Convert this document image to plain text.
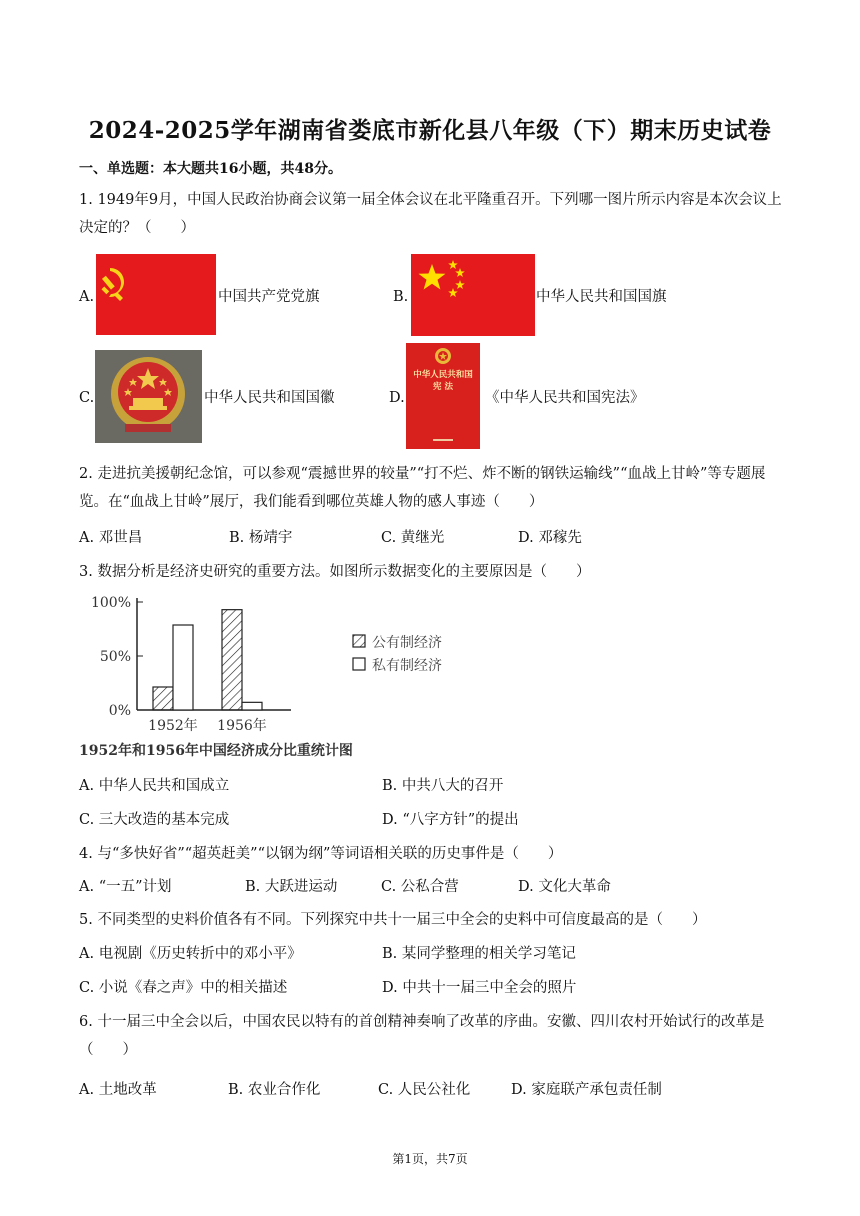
2024-2025学年湖南省娄底市新化县八年级（下）期末历史试卷
一、单选题：本大题共16小题，共48分。
1. 1949年9月，中国人民政治协商会议第一届全体会议在北平隆重召开。下列哪一图片所示内容是本次会议上决定的？（　　）
A.	中国共产党党旗	B.	中华人民共和国国旗
C.	中华人民共和国国徽	D.
中华人民共和国
宪 法
《中华人民共和国宪法》
2. 走进抗美援朝纪念馆，可以参观“震撼世界的较量”“打不烂、炸不断的钢铁运输线”“血战上甘岭”等专题展览。在“血战上甘岭”展厅，我们能看到哪位英雄人物的感人事迹（　　）
A. 邓世昌	B. 杨靖宇	C. 黄继光	D. 邓稼先
3. 数据分析是经济史研究的重要方法。如图所示数据变化的主要原因是（　　）
100%
50%
0%
1952年 1956年
公有制经济
私有制经济
1952年和1956年中国经济成分比重统计图
A. 中华人民共和国成立	B. 中共八大的召开
C. 三大改造的基本完成	D. “八字方针”的提出
4. 与“多快好省”“超英赶美”“以钢为纲”等词语相关联的历史事件是（　　）
A. “一五”计划	B. 大跃进运动	C. 公私合营	D. 文化大革命
5. 不同类型的史料价值各有不同。下列探究中共十一届三中全会的史料中可信度最高的是（　　）
A. 电视剧《历史转折中的邓小平》	B. 某同学整理的相关学习笔记
C. 小说《春之声》中的相关描述	D. 中共十一届三中全会的照片
6. 十一届三中全会以后，中国农民以特有的首创精神奏响了改革的序曲。安徽、四川农村开始试行的改革是（　　）
A. 土地改革	B. 农业合作化	C. 人民公社化	D. 家庭联产承包责任制
第1页，共7页
